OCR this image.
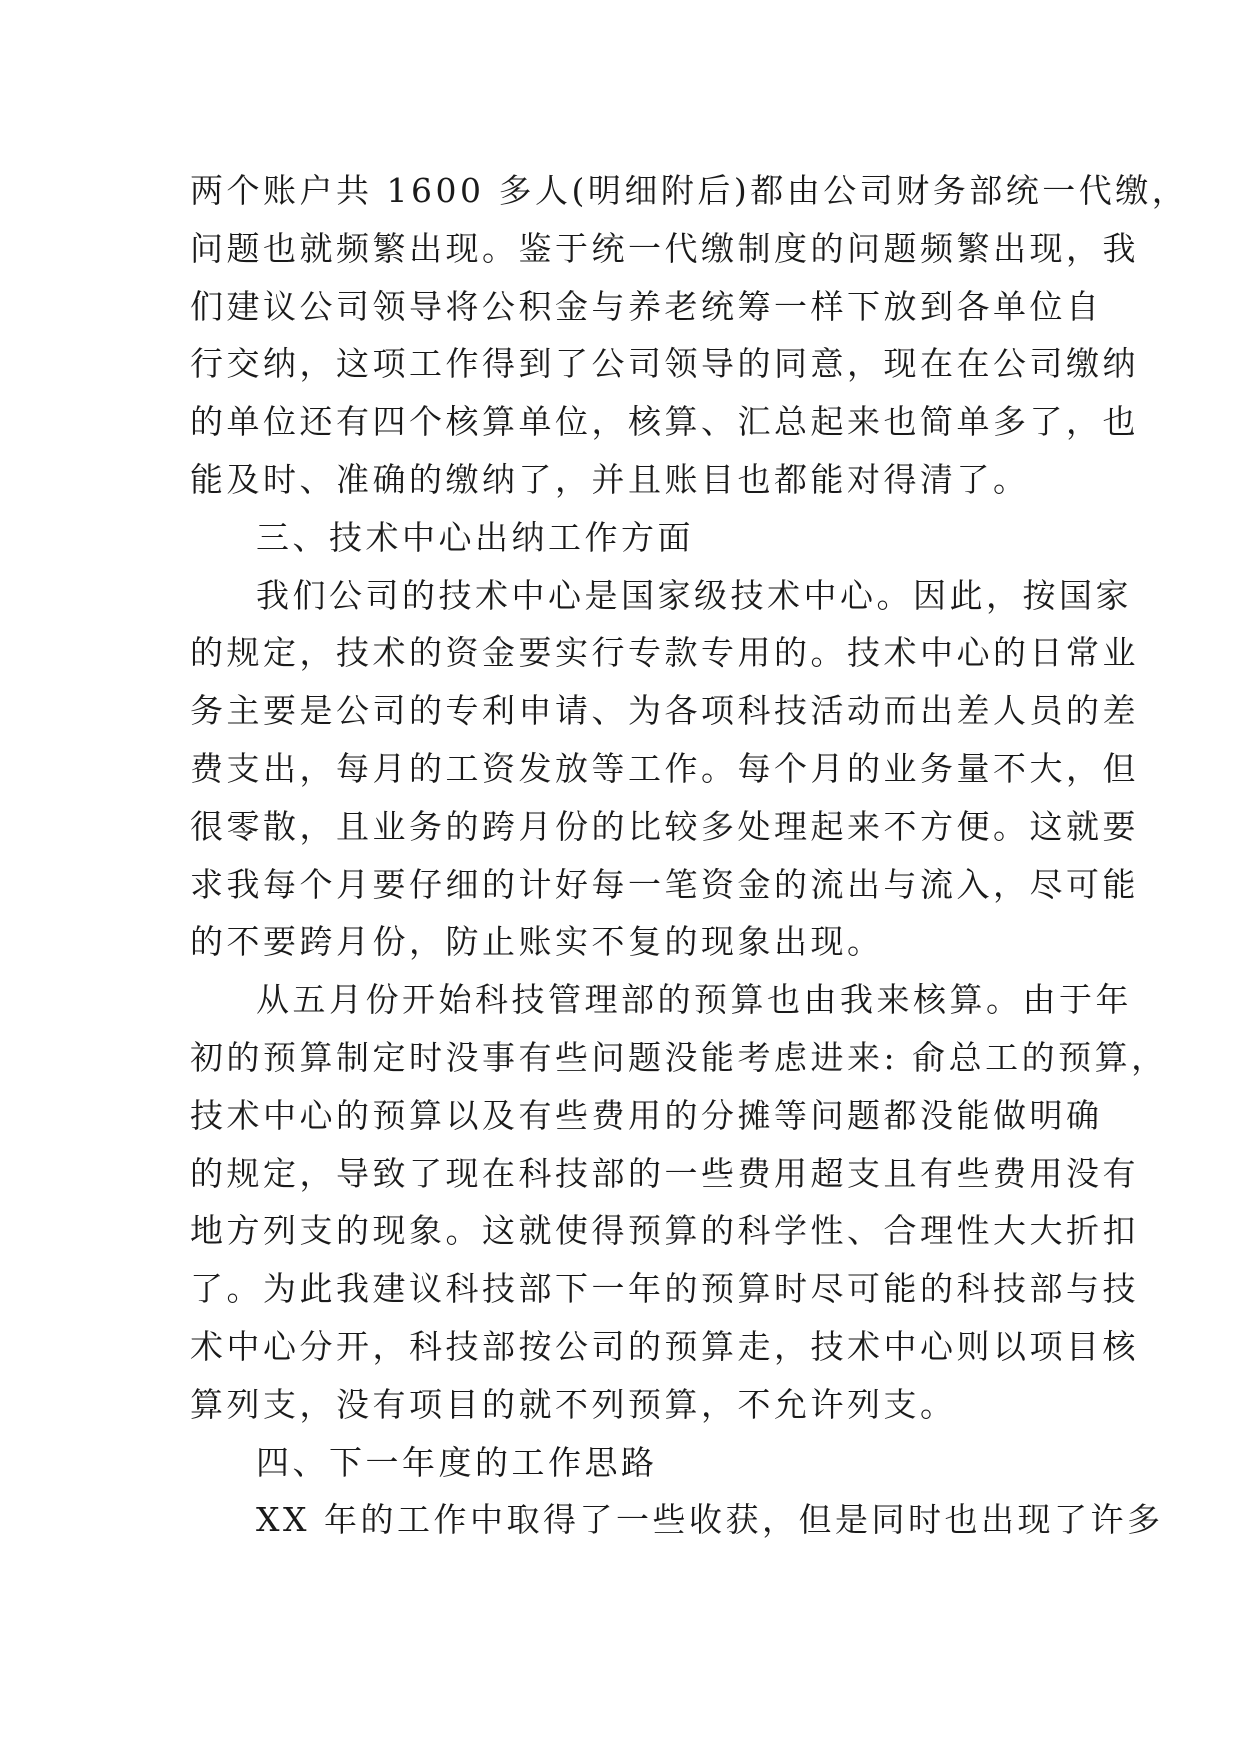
两个账户共 1600 多人(明细附后)都由公司财务部统一代缴，
问题也就频繁出现。鉴于统一代缴制度的问题频繁出现，我
们建议公司领导将公积金与养老统筹一样下放到各单位自
行交纳，这项工作得到了公司领导的同意，现在在公司缴纳
的单位还有四个核算单位，核算、汇总起来也简单多了，也
能及时、准确的缴纳了，并且账目也都能对得清了。

三、技术中心出纳工作方面

我们公司的技术中心是国家级技术中心。因此，按国家
的规定，技术的资金要实行专款专用的。技术中心的日常业
务主要是公司的专利申请、为各项科技活动而出差人员的差
费支出，每月的工资发放等工作。每个月的业务量不大，但
很零散，且业务的跨月份的比较多处理起来不方便。这就要
求我每个月要仔细的计好每一笔资金的流出与流入，尽可能
的不要跨月份，防止账实不复的现象出现。

从五月份开始科技管理部的预算也由我来核算。由于年
初的预算制定时没事有些问题没能考虑进来: 俞总工的预算，
技术中心的预算以及有些费用的分摊等问题都没能做明确
的规定，导致了现在科技部的一些费用超支且有些费用没有
地方列支的现象。这就使得预算的科学性、合理性大大折扣
了。为此我建议科技部下一年的预算时尽可能的科技部与技
术中心分开，科技部按公司的预算走，技术中心则以项目核
算列支，没有项目的就不列预算，不允许列支。

四、下一年度的工作思路

XX 年的工作中取得了一些收获，但是同时也出现了许多
